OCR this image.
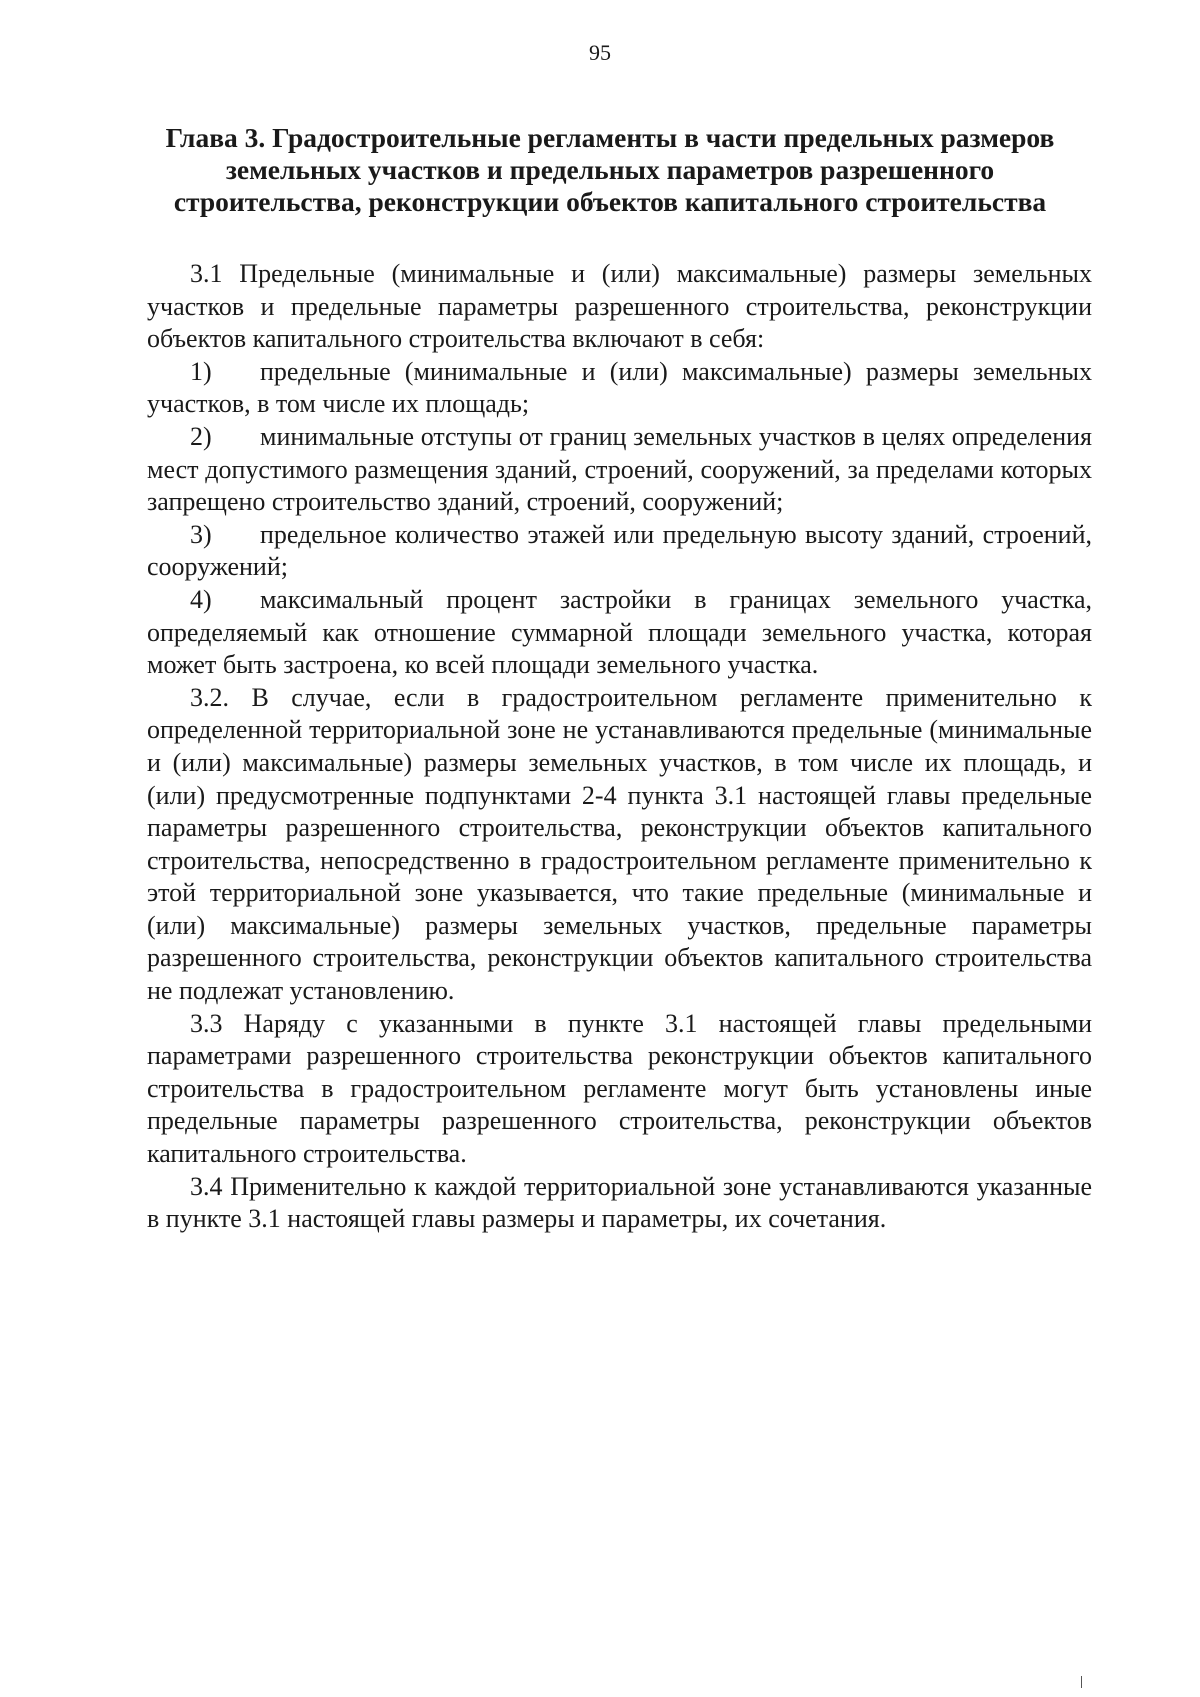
95
Глава 3. Градостроительные регламенты в части предельных размеров
земельных участков и предельных параметров разрешенного
строительства, реконструкции объектов капитального строительства

3.1 Предельные (минимальные и (или) максимальные) размеры земельных участков и предельные параметры разрешенного строительства, реконструкции объектов капитального строительства включают в себя:

1) предельные (минимальные и (или) максимальные) размеры земельных участков, в том числе их площадь;

2) минимальные отступы от границ земельных участков в целях определения мест допустимого размещения зданий, строений, сооружений, за пределами которых запрещено строительство зданий, строений, сооружений;

3) предельное количество этажей или предельную высоту зданий, строений, сооружений;

4) максимальный процент застройки в границах земельного участка, определяемый как отношение суммарной площади земельного участка, которая может быть застроена, ко всей площади земельного участка.

3.2. В случае, если в градостроительном регламенте применительно к определенной территориальной зоне не устанавливаются предельные (минимальные и (или) максимальные) размеры земельных участков, в том числе их площадь, и (или) предусмотренные подпунктами 2-4 пункта 3.1 настоящей главы предельные параметры разрешенного строительства, реконструкции объектов капитального строительства, непосредственно в градостроительном регламенте применительно к этой территориальной зоне указывается, что такие предельные (минимальные и (или) максимальные) размеры земельных участков, предельные параметры разрешенного строительства, реконструкции объектов капитального строительства не подлежат установлению.

3.3 Наряду с указанными в пункте 3.1 настоящей главы предельными параметрами разрешенного строительства реконструкции объектов капитального строительства в градостроительном регламенте могут быть установлены иные предельные параметры разрешенного строительства, реконструкции объектов капитального строительства.

3.4 Применительно к каждой территориальной зоне устанавливаются указанные в пункте 3.1 настоящей главы размеры и параметры, их сочетания.
